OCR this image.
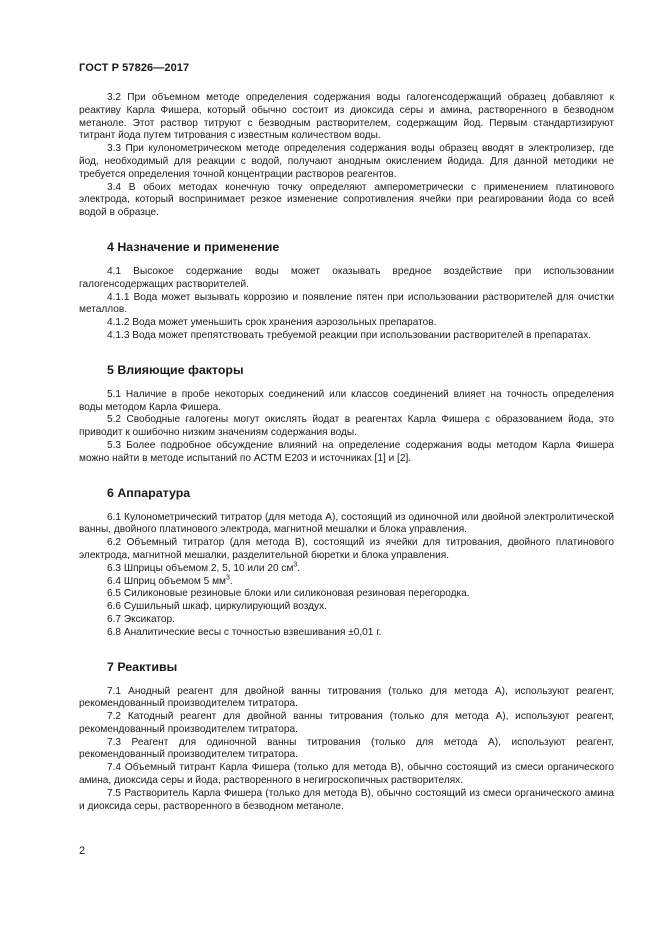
ГОСТ Р 57826—2017
3.2 При объемном методе определения содержания воды галогенсодержащий образец добавляют к реактиву Карла Фишера, который обычно состоит из диоксида серы и амина, растворенного в безводном метаноле. Этот раствор титруют с безводным растворителем, содержащим йод. Первым стандартизируют титрант йода путем титрования с известным количеством воды.
3.3 При кулонометрическом методе определения содержания воды образец вводят в электролизер, где йод, необходимый для реакции с водой, получают анодным окислением йодида. Для данной методики не требуется определения точной концентрации растворов реагентов.
3.4 В обоих методах конечную точку определяют амперометрически с применением платинового электрода, который воспринимает резкое изменение сопротивления ячейки при реагировании йода со всей водой в образце.
4 Назначение и применение
4.1 Высокое содержание воды может оказывать вредное воздействие при использовании галогенсодержащих растворителей.
4.1.1 Вода может вызывать коррозию и появление пятен при использовании растворителей для очистки металлов.
4.1.2 Вода может уменьшить срок хранения аэрозольных препаратов.
4.1.3 Вода может препятствовать требуемой реакции при использовании растворителей в препаратах.
5 Влияющие факторы
5.1 Наличие в пробе некоторых соединений или классов соединений влияет на точность определения воды методом Карла Фишера.
5.2 Свободные галогены могут окислять йодат в реагентах Карла Фишера с образованием йода, это приводит к ошибочно низким значениям содержания воды.
5.3 Более подробное обсуждение влияний на определение содержания воды методом Карла Фишера можно найти в методе испытаний по АСТМ Е203 и источниках [1] и [2].
6 Аппаратура
6.1 Кулонометрический титратор (для метода А), состоящий из одиночной или двойной электролитической ванны, двойного платинового электрода, магнитной мешалки и блока управления.
6.2 Объемный титратор (для метода В), состоящий из ячейки для титрования, двойного платинового электрода, магнитной мешалки, разделительной бюретки и блока управления.
6.3 Шприцы объемом 2, 5, 10 или 20 $см^3$.
6.4 Шприц объемом 5 $мм^3$.
6.5 Силиконовые резиновые блоки или силиконовая резиновая перегородка.
6.6 Сушильный шкаф, циркулирующий воздух.
6.7 Эксикатор.
6.8 Аналитические весы с точностью взвешивания ±0,01 г.
7 Реактивы
7.1 Анодный реагент для двойной ванны титрования (только для метода А), используют реагент, рекомендованный производителем титратора.
7.2 Катодный реагент для двойной ванны титрования (только для метода А), используют реагент, рекомендованный производителем титратора.
7.3 Реагент для одиночной ванны титрования (только для метода А), используют реагент, рекомендованный производителем титратора.
7.4 Объемный титрант Карла Фишера (только для метода В), обычно состоящий из смеси органического амина, диоксида серы и йода, растворенного в негигроскопичных растворителях.
7.5 Растворитель Карла Фишера (только для метода В), обычно состоящий из смеси органического амина и диоксида серы, растворенного в безводном метаноле.
2
